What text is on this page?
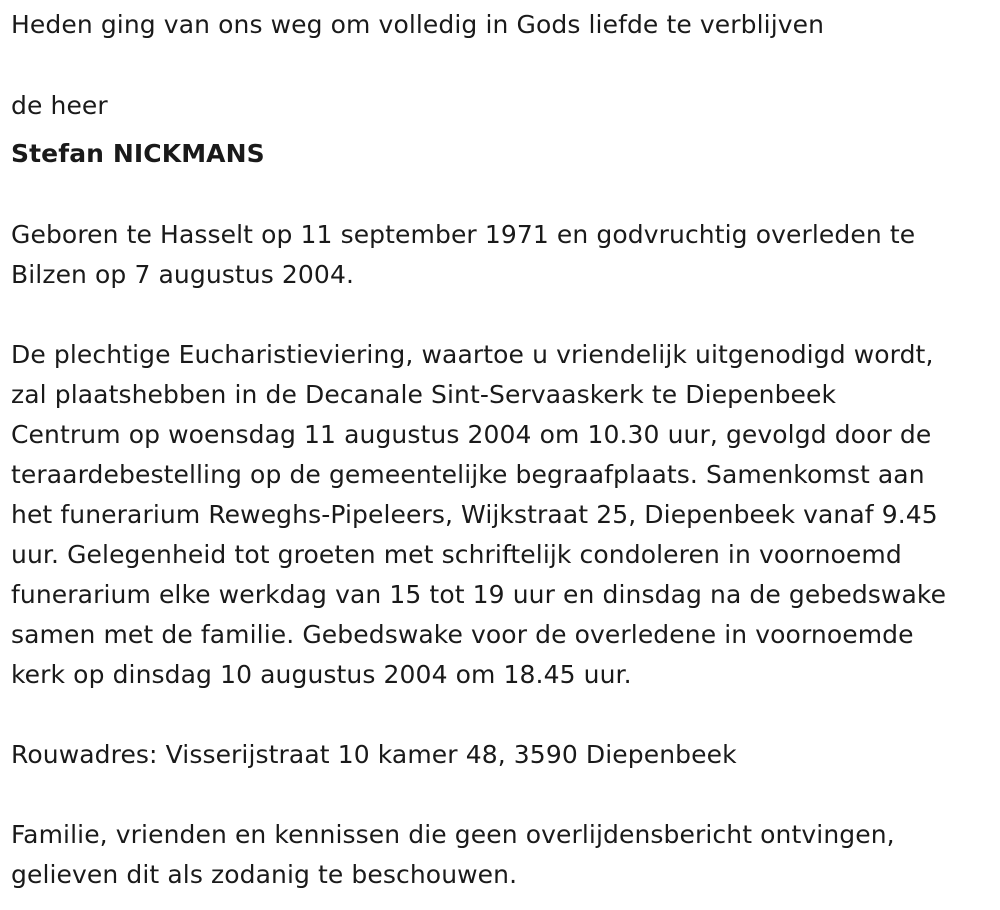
Heden ging van ons weg om volledig in Gods liefde te verblijven
de heer
Stefan NICKMANS
Geboren te Hasselt op 11 september 1971 en godvruchtig overleden te
Bilzen op 7 augustus 2004.
De plechtige Eucharistieviering, waartoe u vriendelijk uitgenodigd wordt,
zal plaatshebben in de Decanale Sint-Servaaskerk te Diepenbeek
Centrum op woensdag 11 augustus 2004 om 10.30 uur, gevolgd door de
teraardebestelling op de gemeentelijke begraafplaats. Samenkomst aan
het funerarium Reweghs-Pipeleers, Wijkstraat 25, Diepenbeek vanaf 9.45
uur. Gelegenheid tot groeten met schriftelijk condoleren in voornoemd
funerarium elke werkdag van 15 tot 19 uur en dinsdag na de gebedswake
samen met de familie. Gebedswake voor de overledene in voornoemde
kerk op dinsdag 10 augustus 2004 om 18.45 uur.
Rouwadres: Visserijstraat 10 kamer 48, 3590 Diepenbeek
Familie, vrienden en kennissen die geen overlijdensbericht ontvingen,
gelieven dit als zodanig te beschouwen.
